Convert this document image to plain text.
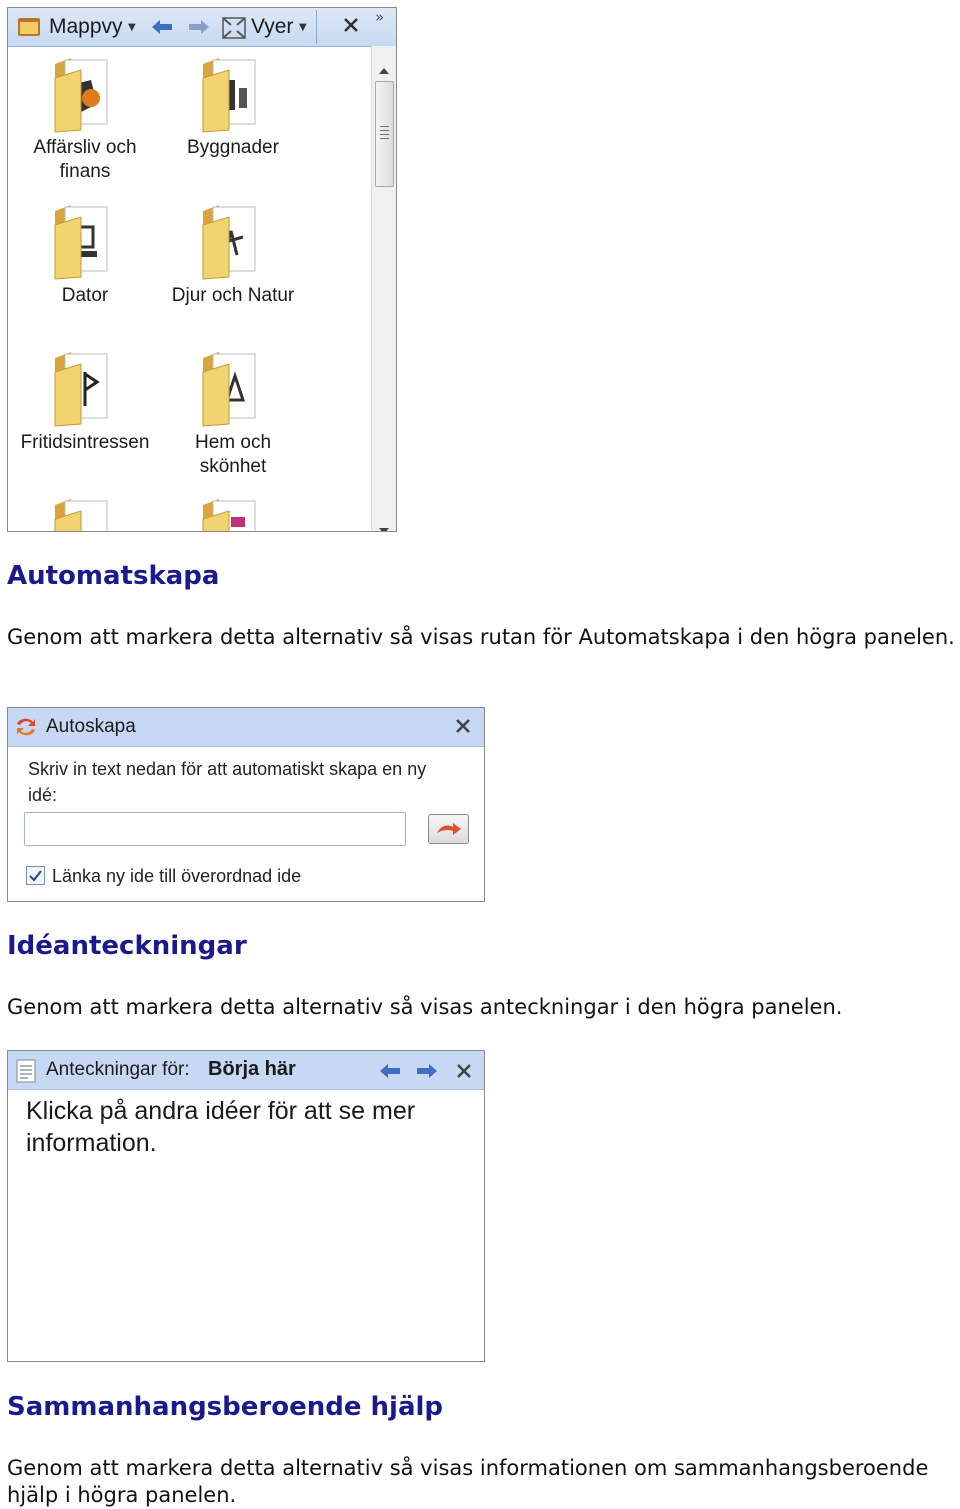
Mappvy ▼	Vyer ▼
»
Affärsliv och
finans
Byggnader
Dator	Djur och Natur
Fritidsintressen	Hem och
skönhet
Automatskapa
Genom att markera detta alternativ så visas rutan för Automatskapa i den högra panelen.
Autoskapa
Skriv in text nedan för att automatiskt skapa en ny idé:
Länka ny ide till överordnad ide
Idéanteckningar
Genom att markera detta alternativ så visas anteckningar i den högra panelen.
Anteckningar för: Börja här
Klicka på andra idéer för att se mer information.
Sammanhangsberoende hjälp
Genom att markera detta alternativ så visas informationen om sammanhangsberoende hjälp i högra panelen.
